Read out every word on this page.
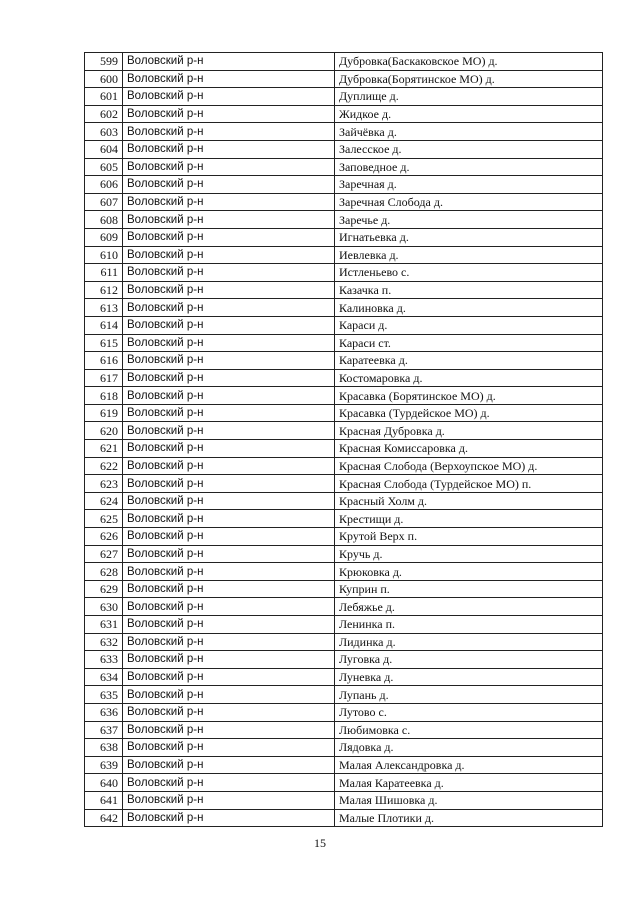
599	Воловский р-н	Дубровка(Баскаковское МО) д.
600	Воловский р-н	Дубровка(Борятинское МО) д.
601	Воловский р-н	Дуплище д.
602	Воловский р-н	Жидкое д.
603	Воловский р-н	Зайчёвка д.
604	Воловский р-н	Залесское д.
605	Воловский р-н	Заповедное д.
606	Воловский р-н	Заречная д.
607	Воловский р-н	Заречная Слобода д.
608	Воловский р-н	Заречье д.
609	Воловский р-н	Игнатьевка д.
610	Воловский р-н	Иевлевка д.
611	Воловский р-н	Истленьево с.
612	Воловский р-н	Казачка п.
613	Воловский р-н	Калиновка д.
614	Воловский р-н	Караси д.
615	Воловский р-н	Караси ст.
616	Воловский р-н	Каратеевка д.
617	Воловский р-н	Костомаровка д.
618	Воловский р-н	Красавка (Борятинское МО) д.
619	Воловский р-н	Красавка (Турдейское МО) д.
620	Воловский р-н	Красная Дубровка д.
621	Воловский р-н	Красная Комиссаровка д.
622	Воловский р-н	Красная Слобода (Верхоупское МО) д.
623	Воловский р-н	Красная Слобода (Турдейское МО) п.
624	Воловский р-н	Красный Холм д.
625	Воловский р-н	Крестищи д.
626	Воловский р-н	Крутой Верх п.
627	Воловский р-н	Кручь д.
628	Воловский р-н	Крюковка д.
629	Воловский р-н	Куприн п.
630	Воловский р-н	Лебяжье д.
631	Воловский р-н	Ленинка п.
632	Воловский р-н	Лидинка д.
633	Воловский р-н	Луговка д.
634	Воловский р-н	Луневка д.
635	Воловский р-н	Лупань д.
636	Воловский р-н	Лутово с.
637	Воловский р-н	Любимовка с.
638	Воловский р-н	Лядовка д.
639	Воловский р-н	Малая Александровка д.
640	Воловский р-н	Малая Каратеевка д.
641	Воловский р-н	Малая Шишовка д.
642	Воловский р-н	Малые Плотики д.

15
